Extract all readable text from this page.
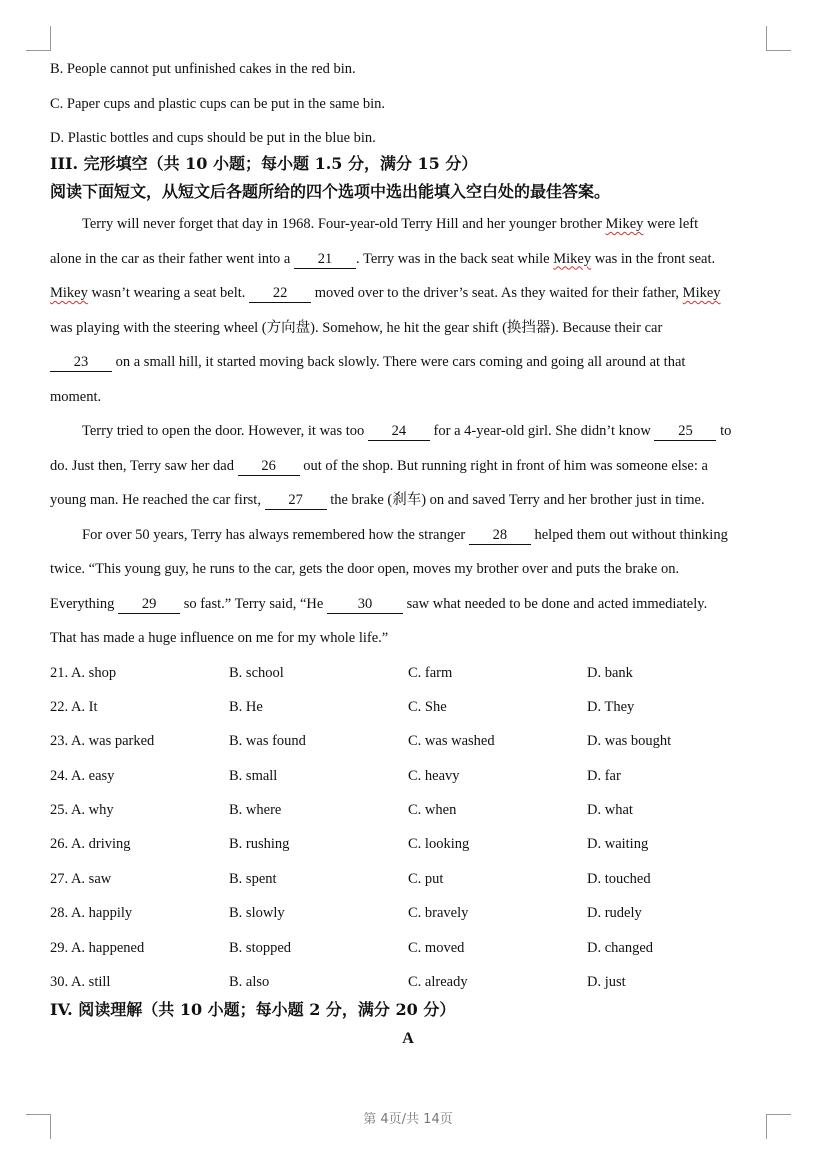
B. People cannot put unfinished cakes in the red bin.
C. Paper cups and plastic cups can be put in the same bin.
D. Plastic bottles and cups should be put in the blue bin.
III. 完形填空（共 10 小题；每小题 1.5 分，满分 15 分）
阅读下面短文，从短文后各题所给的四个选项中选出能填入空白处的最佳答案。
Terry will never forget that day in 1968. Four-year-old Terry Hill and her younger brother Mikey were left
alone in the car as their father went into a 21 . Terry was in the back seat while Mikey was in the front seat.
Mikey wasn’t wearing a seat belt. 22 moved over to the driver’s seat. As they waited for their father, Mikey
was playing with the steering wheel (方向盘). Somehow, he hit the gear shift (换挡器). Because their car
23 on a small hill, it started moving back slowly. There were cars coming and going all around at that
moment.
Terry tried to open the door. However, it was too 24 for a 4-year-old girl. She didn’t know 25 to
do. Just then, Terry saw her dad 26 out of the shop. But running right in front of him was someone else: a
young man. He reached the car first, 27 the brake (刹车) on and saved Terry and her brother just in time.
For over 50 years, Terry has always remembered how the stranger 28 helped them out without thinking
twice. “This young guy, he runs to the car, gets the door open, moves my brother over and puts the brake on.
Everything 29 so fast.” Terry said, “He 30 saw what needed to be done and acted immediately.
That has made a huge influence on me for my whole life.”
21. A. shop	B. school	C. farm	D. bank
22. A. It	B. He	C. She	D. They
23. A. was parked	B. was found	C. was washed	D. was bought
24. A. easy	B. small	C. heavy	D. far
25. A. why	B. where	C. when	D. what
26. A. driving	B. rushing	C. looking	D. waiting
27. A. saw	B. spent	C. put	D. touched
28. A. happily	B. slowly	C. bravely	D. rudely
29. A. happened	B. stopped	C. moved	D. changed
30. A. still	B. also	C. already	D. just
IV. 阅读理解（共 10 小题；每小题 2 分，满分 20 分）
A
第 4页/共 14页
